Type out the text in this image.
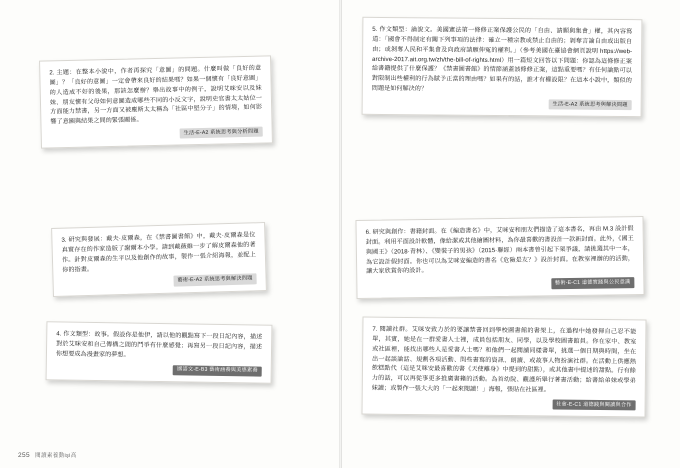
2. 主題：在整本小說中，作者再探究「意圖」的問題。什麼叫做「良好的意圖」？「良好的意圖」一定會帶來良好的結果嗎？如果一個懷有「良好意圖」的人造成不好的後果，那該怎麼辦？舉出故事中的例子，說明艾咪安以及妹妹、朋友懷有父母如何意圖造成哪些不同的小反文字，說明史官書太太姑位一方面能力禁書，另一方面又被塵斯太太稱為「社區中堅分子」的情境，如何影響了意圖與結果之間的緊張關係。
生活-E-A2 系統思考與分析問題
3. 研究與發展：戴夫·皮爾森，在《禁書圖書館》中，戴夫·皮爾森是位真實存在的作家造版了謝爾本小學。請到戴薇維一步了解皮爾森他的著作。針對皮爾森的生平以及他創作的故事，製作一張介紹海報，並配上你的指畫。
藝術-E-A2 系統思考與解決問題
4. 作文類型：故事。假設你是他伊，請以他的觀點寫下一段日記內容，描述對於艾咪安和自己傳構之間的鬥爭有什麼感覺；再寫另一段日記內容，描述你想要成為漫畫家的夢想。
國語文-E-B3 藝術涵養與美感素養
5. 作文類型：論說文。美國憲法第一條修正案保護公民的「自由、請願與集會」權，其內容寫道：「國會不得制定有關下列事項的法律：確立一種宗教或禁止自由的；剝奪言論自由或出版自由；或剝奪人民和平集會及向政府請願伸冤的權利。」（參考美國在臺協會網頁說明 https://web-archive-2017.ait.org.tw/zh/the-bill-of-rights.html）用一篇短文回答以下問題：你認為這條修正案給書籍提供了什麼保護？《禁書圖書館》的情節涵蓋該條修正案，這點重要嗎？有任何論點可以對限制出些權利的行為賦予正當的理由嗎？如果有的話，誰才有權設限？在這本小說中，類似的問題是如何解決的？
生活-E-A2 系統思考與解決問題
6. 研究與創作：書籍封面。在《編造書名》中，艾咪安和朋友們描造了這本書名，再由 M.3 設計假封面。利用平面設計軟體，像給潔或其他繪圖材料，為你最喜歡的書設計一款新封面。此外，《國王與國王》（2018·青林）、《變裝子的男孩》（2015·聯經）兩本書曾引起下架爭議，請挑選其中一本，為它設計假封面。你也可以為艾咪安編造的書名《危險是友？》設計封面。在教室裡辦的的活動，讓大家欣賞你的設計。
藝術-E-C1 道德實踐與公民意識
7. 閱讀社群。艾咪安致力於的要讓禁書回到學校圖書館的書架上，在過程中她發揮自己忍不能單，其實，她是在一群愛書人士裡，成員包括朋友、同學，以及學校圖書館員。你在家中、教室或社區裡，能找出哪些人是愛書人士嗎？和他們一起閱讀同樣書單，挑選一個日期與時間，坐在出一起談論話、規劃各項活動、問些書寫的資訊、朗讀、或故事人物扮演社群。在活動上供應熱飲糕點代（這是艾咪安最喜歡的書《天使離身》中提到的甜點），或其他書中提述的甜點。行有餘力的話，可以再從事更多推廣書籍的活動。為首幼院、觀護所舉行著書活動；給書給弟妹或學弟妹讀；或製作一張大大的「一起來閱讀！」海報，張貼在社區裡。
社會-E-C1 道德踐與閱讀與合作
255 閱讀素養動işi高
